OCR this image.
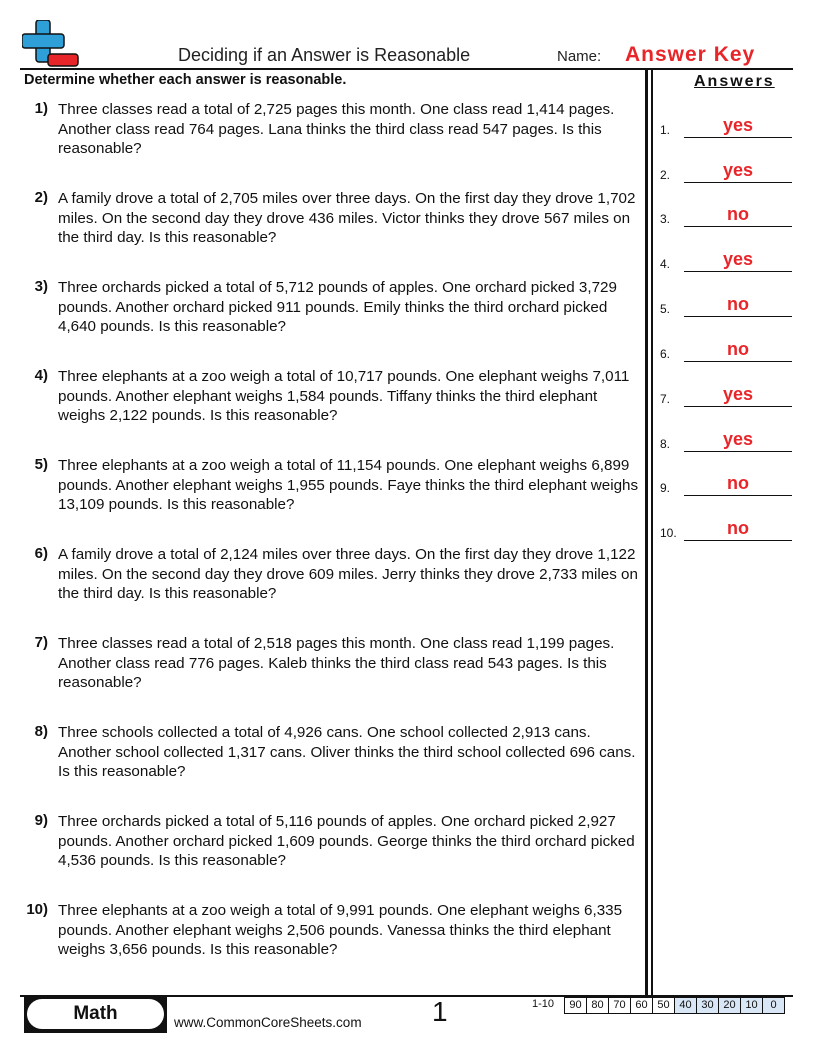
Deciding if an Answer is Reasonable	Name: Answer Key
Determine whether each answer is reasonable.	Answers
1) Three classes read a total of 2,725 pages this month. One class read 1,414 pages. Another class read 764 pages. Lana thinks the third class read 547 pages. Is this reasonable?
2) A family drove a total of 2,705 miles over three days. On the first day they drove 1,702 miles. On the second day they drove 436 miles. Victor thinks they drove 567 miles on the third day. Is this reasonable?
3) Three orchards picked a total of 5,712 pounds of apples. One orchard picked 3,729 pounds. Another orchard picked 911 pounds. Emily thinks the third orchard picked 4,640 pounds. Is this reasonable?
4) Three elephants at a zoo weigh a total of 10,717 pounds. One elephant weighs 7,011 pounds. Another elephant weighs 1,584 pounds. Tiffany thinks the third elephant weighs 2,122 pounds. Is this reasonable?
5) Three elephants at a zoo weigh a total of 11,154 pounds. One elephant weighs 6,899 pounds. Another elephant weighs 1,955 pounds. Faye thinks the third elephant weighs 13,109 pounds. Is this reasonable?
6) A family drove a total of 2,124 miles over three days. On the first day they drove 1,122 miles. On the second day they drove 609 miles. Jerry thinks they drove 2,733 miles on the third day. Is this reasonable?
7) Three classes read a total of 2,518 pages this month. One class read 1,199 pages. Another class read 776 pages. Kaleb thinks the third class read 543 pages. Is this reasonable?
8) Three schools collected a total of 4,926 cans. One school collected 2,913 cans. Another school collected 1,317 cans. Oliver thinks the third school collected 696 cans. Is this reasonable?
9) Three orchards picked a total of 5,116 pounds of apples. One orchard picked 2,927 pounds. Another orchard picked 1,609 pounds. George thinks the third orchard picked 4,536 pounds. Is this reasonable?
10) Three elephants at a zoo weigh a total of 9,991 pounds. One elephant weighs 6,335 pounds. Another elephant weighs 2,506 pounds. Vanessa thinks the third elephant weighs 3,656 pounds. Is this reasonable?
1.	yes
2.	yes
3.	no
4.	yes
5.	no
6.	no
7.	yes
8.	yes
9.	no
10.	no
Math	www.CommonCoreSheets.com	1	1-10	90 80 70 60 50 40 30 20 10	0
